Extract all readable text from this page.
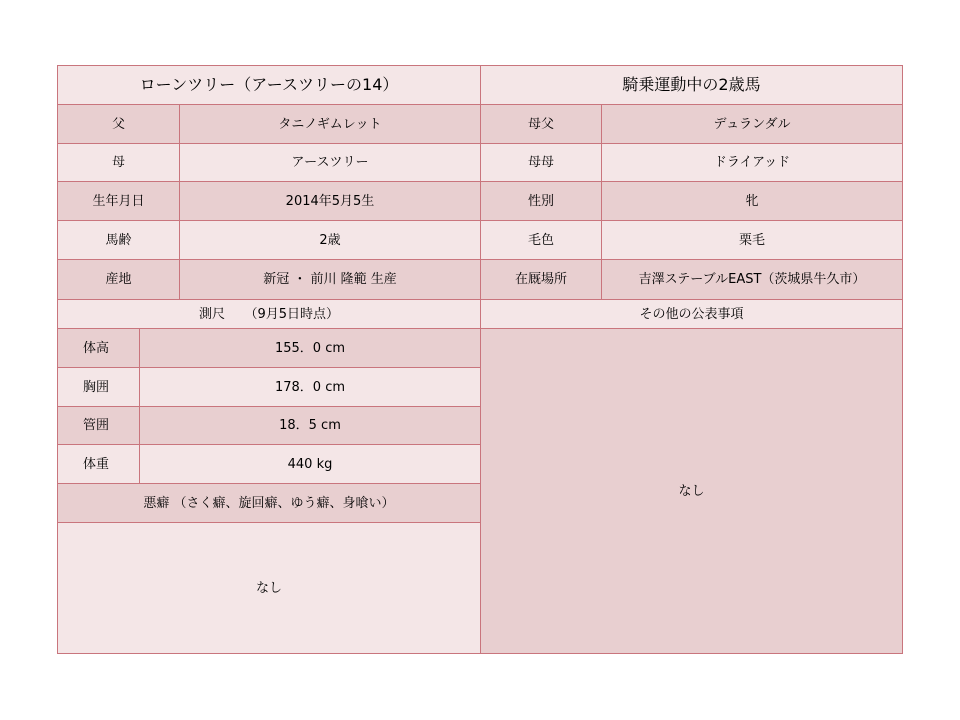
ローンツリー（アースツリーの14）	騎乗運動中の2歳馬
父	タニノギムレット	母父	デュランダル
母	アースツリー	母母	ドライアッド
生年月日	2014年5月5生	性別	牝
馬齢	2歳	毛色	栗毛
産地	新冠 ・ 前川 隆範 生産	在厩場所	吉澤ステーブルEAST（茨城県牛久市）
測尺　　（9月5日時点）	その他の公表事項
体高	155．0 cm
胸囲	178．0 cm
管囲	18．5 cm
体重	440 kg
悪癖 （さく癖、旋回癖、ゆう癖、身喰い）
なし
なし
